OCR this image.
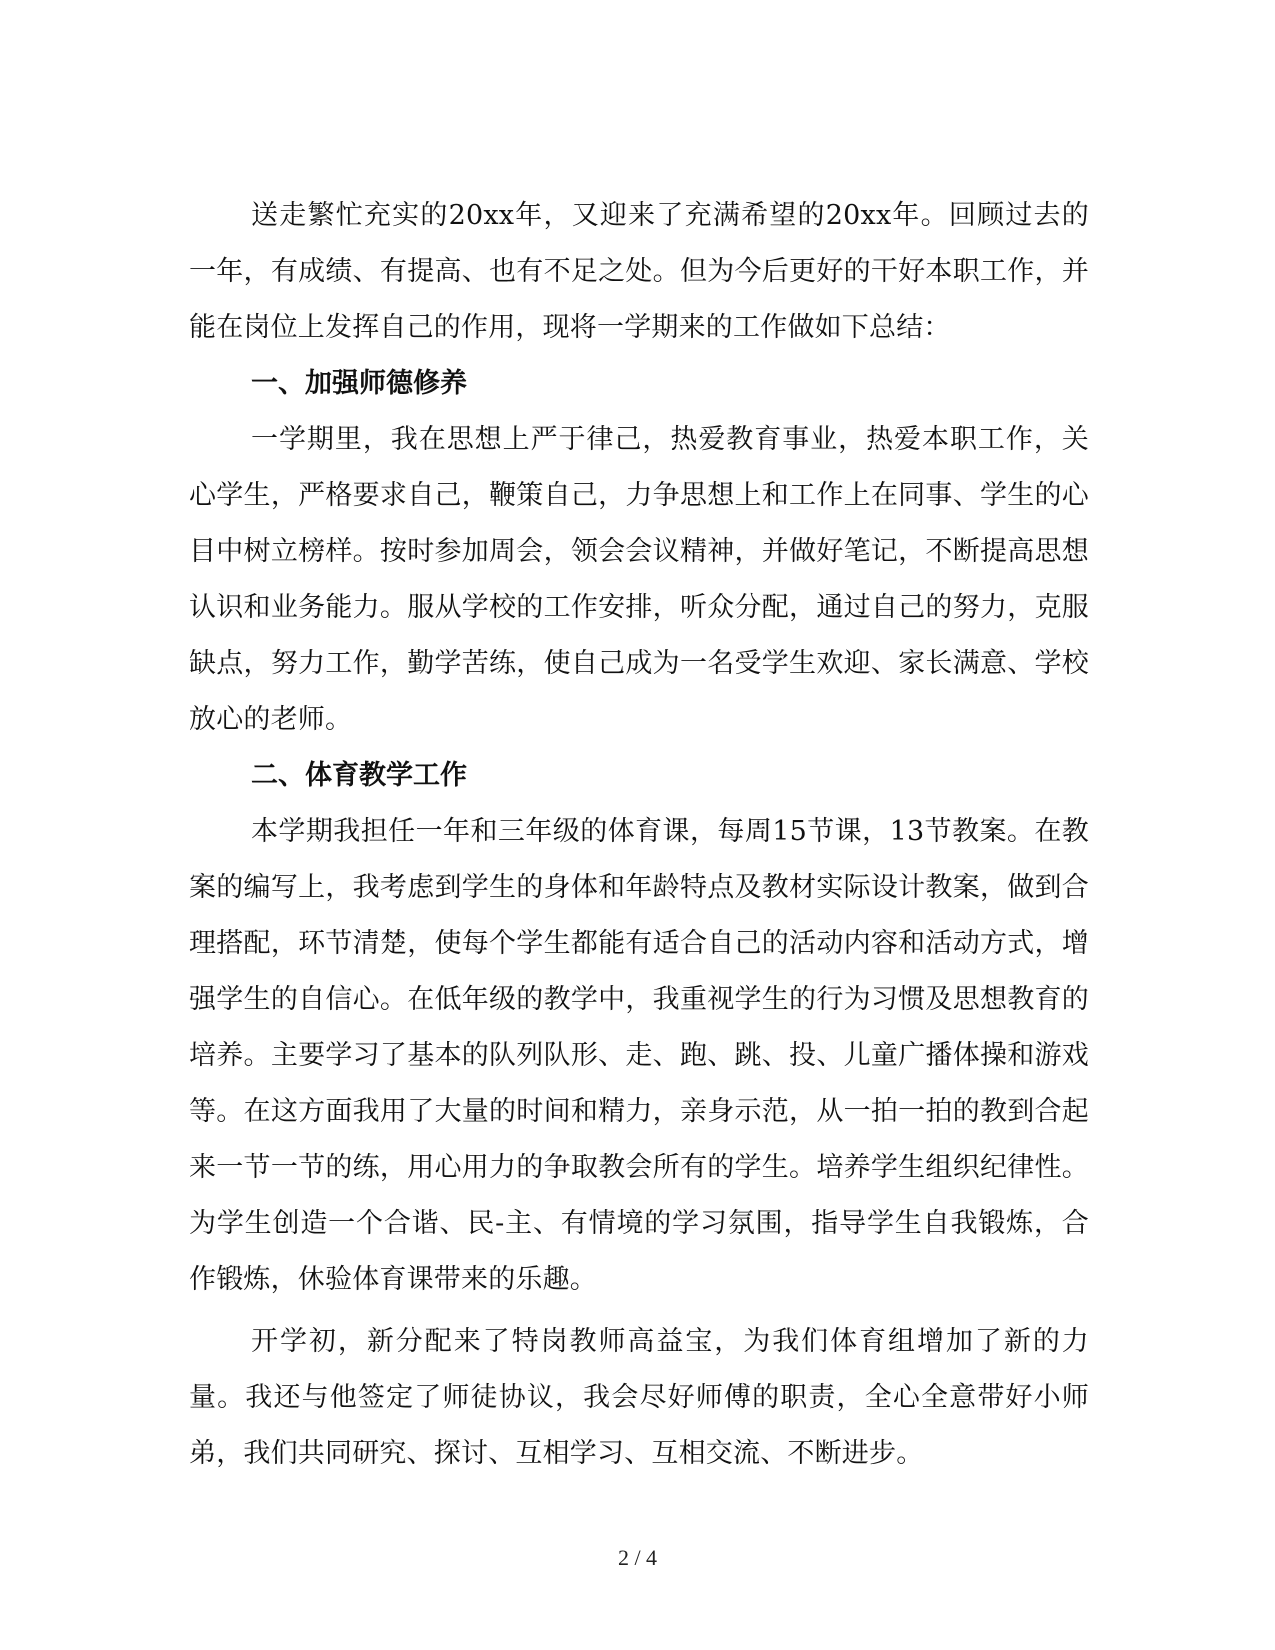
送走繁忙充实的20xx年，又迎来了充满希望的20xx年。回顾过去的一年，有成绩、有提高、也有不足之处。但为今后更好的干好本职工作，并能在岗位上发挥自己的作用，现将一学期来的工作做如下总结：

一、加强师德修养

一学期里，我在思想上严于律己，热爱教育事业，热爱本职工作，关心学生，严格要求自己，鞭策自己，力争思想上和工作上在同事、学生的心目中树立榜样。按时参加周会，领会会议精神，并做好笔记，不断提高思想认识和业务能力。服从学校的工作安排，听众分配，通过自己的努力，克服缺点，努力工作，勤学苦练，使自己成为一名受学生欢迎、家长满意、学校放心的老师。

二、体育教学工作

本学期我担任一年和三年级的体育课，每周15节课，13节教案。在教案的编写上，我考虑到学生的身体和年龄特点及教材实际设计教案，做到合理搭配，环节清楚，使每个学生都能有适合自己的活动内容和活动方式，增强学生的自信心。在低年级的教学中，我重视学生的行为习惯及思想教育的培养。主要学习了基本的队列队形、走、跑、跳、投、儿童广播体操和游戏等。在这方面我用了大量的时间和精力，亲身示范，从一拍一拍的教到合起来一节一节的练，用心用力的争取教会所有的学生。培养学生组织纪律性。为学生创造一个合谐、民-主、有情境的学习氛围，指导学生自我锻炼，合作锻炼，休验体育课带来的乐趣。

开学初，新分配来了特岗教师高益宝，为我们体育组增加了新的力量。我还与他签定了师徒协议，我会尽好师傅的职责，全心全意带好小师弟，我们共同研究、探讨、互相学习、互相交流、不断进步。

2 / 4
